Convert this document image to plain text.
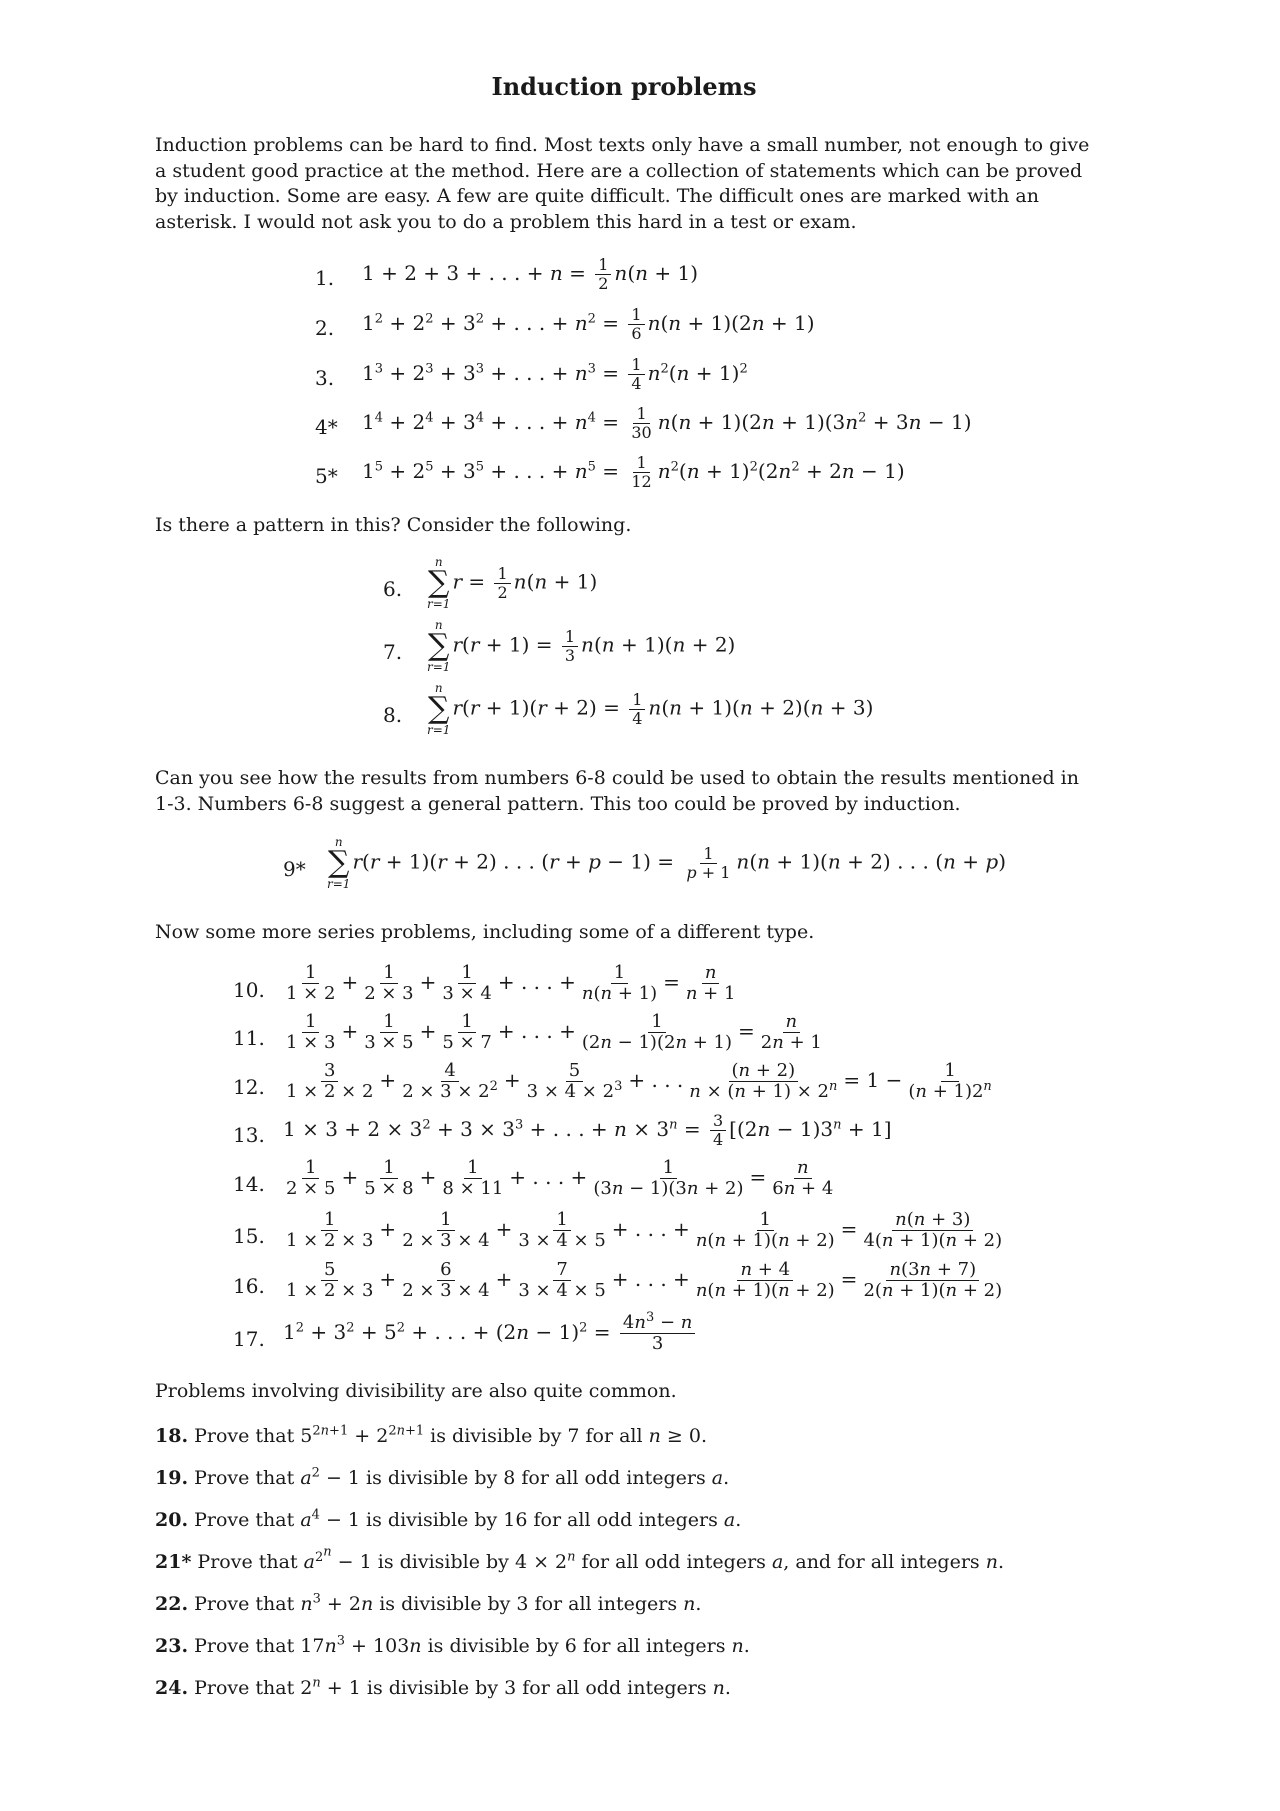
Induction problems
Induction problems can be hard to find. Most texts only have a small number, not enough to give a student good practice at the method. Here are a collection of statements which can be proved by induction. Some are easy. A few are quite difficult. The difficult ones are marked with an asterisk. I would not ask you to do a problem this hard in a test or exam.
1. 1 + 2 + 3 + . . . + $n = \frac{1}{2} n(n + 1)$
2. $1^2 + 2^2 + 3^2$ + . . . + $n^2 = \frac{1}{6} n(n + 1)(2n + 1)$
3. $1^3 + 2^3 + 3^3$ + . . . + $n^3 = \frac{1}{4} n^2(n + 1)^2$
4* $1^4 + 2^4 + 3^4$ + . . . + $n^4 = \frac{1}{30} n(n + 1)(2n + 1)(3n^2 + 3n - 1)$
5* $1^5 + 2^5 + 3^5$ + . . . + $n^5 = \frac{1}{12} n^2(n + 1)^2(2n^2 + 2n - 1)$
Is there a pattern in this? Consider the following.
6.
n
∑
r=1
$r = \frac{1}{2} n(n + 1)$
7.
n
∑
r=1
$r(r + 1) = \frac{1}{3} n(n + 1)(n + 2)$
8.
n
∑
r=1
$r(r + 1)(r + 2) = \frac{1}{4} n(n + 1)(n + 2)(n + 3)$
Can you see how the results from numbers 6-8 could be used to obtain the results mentioned in 1-3. Numbers 6-8 suggest a general pattern. This too could be proved by induction.
9*
n
∑
r=1
r(r + 1)(r + 2) . . . $(r + p - 1) = \frac{1}{p + 1} n(n + 1)(n + 2)$ . . . (n + p)
Now some more series problems, including some of a different type.
10. $\frac{1}{1 \times 2} + \frac{1}{2 \times 3} + \frac{1}{3 \times 4}$ + . . . + $\frac{1}{n(n + 1)} = \frac{n}{n + 1}$
11. $\frac{1}{1 \times 3} + \frac{1}{3 \times 5} + \frac{1}{5 \times 7}$ + . . . + $\frac{1}{(2n - 1)(2n + 1)} = \frac{n}{2n + 1}$
12. $\frac{3}{1 \times 2 \times 2} + \frac{4}{2 \times 3 \times 2^2} + \frac{5}{3 \times 4 \times 2^3}$ + . . . $\frac{(n + 2)}{n \times (n + 1) \times 2^n} = 1 - \frac{1}{(n + 1)2^n}$
13. $1 \times 3 + 2 \times 3^2 + 3 \times 3^3$ + . . . + $n \times 3^n = \frac{3}{4} [(2n - 1)3^n + 1]$
14. $\frac{1}{2 \times 5} + \frac{1}{5 \times 8} + \frac{1}{8 \times 11}$ + . . . + $\frac{1}{(3n - 1)(3n + 2)} = \frac{n}{6n + 4}$
15. $\frac{1}{1 \times 2 \times 3} + \frac{1}{2 \times 3 \times 4} + \frac{1}{3 \times 4 \times 5}$ + . . . + $\frac{1}{n(n + 1)(n + 2)} = \frac{n(n + 3)}{4(n + 1)(n + 2)}$
16. $\frac{5}{1 \times 2 \times 3} + \frac{6}{2 \times 3 \times 4} + \frac{7}{3 \times 4 \times 5}$ + . . . + $\frac{n + 4}{n(n + 1)(n + 2)} = \frac{n(3n + 7)}{2(n + 1)(n + 2)}$
17. $1^2 + 3^2 + 5^2$ + . . . + $(2n - 1)^2 = \frac{4n^3 - n}{3}$
Problems involving divisibility are also quite common.
18. Prove that $5^{2n+1} + 2^{2n+1}$ is divisible by 7 for all n ≥ 0.
19. Prove that $a^2 - 1$ is divisible by 8 for all odd integers a.
20. Prove that $a^4 - 1$ is divisible by 16 for all odd integers a.
21* Prove that $a^{2^n} - 1$ is divisible by $4 \times 2^n$ for all odd integers a, and for all integers n.
22. Prove that $n^3 + 2n$ is divisible by 3 for all integers n.
23. Prove that $17n^3 + 103n$ is divisible by 6 for all integers n.
24. Prove that $2^n + 1$ is divisible by 3 for all odd integers n.
